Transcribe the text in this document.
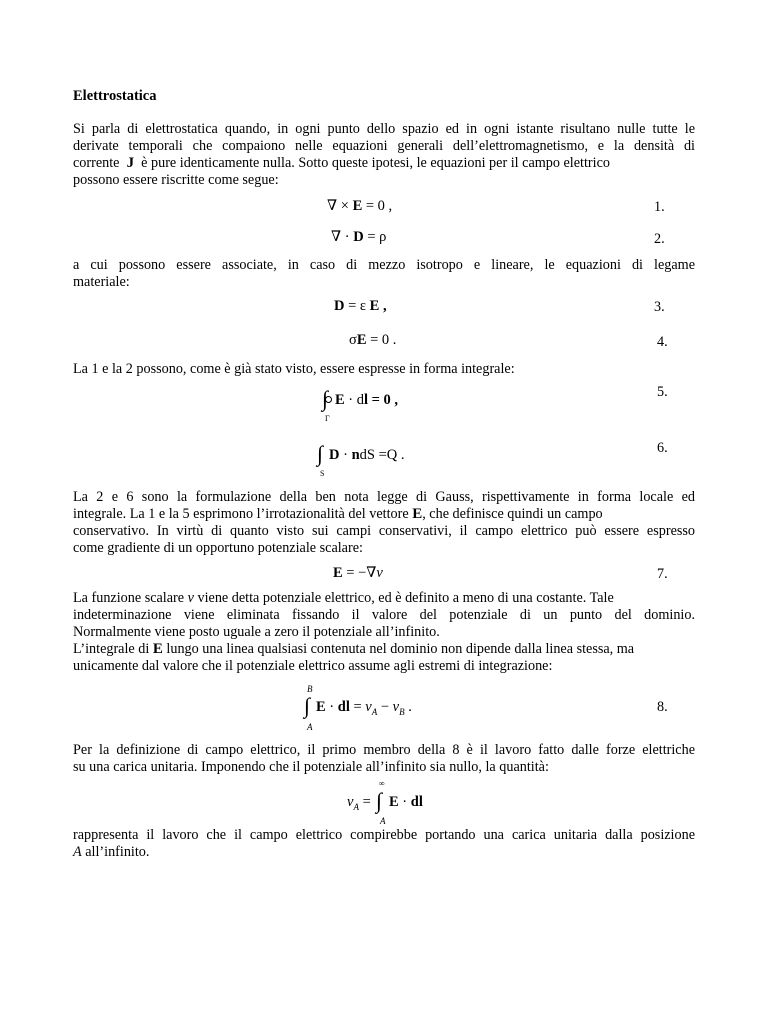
Elettrostatica
Si parla di elettrostatica quando, in ogni punto dello spazio ed in ogni istante risultano nulle tutte le
derivate temporali che compaiono nelle equazioni generali dell’elettromagnetismo, e la densità di
corrente J è pure identicamente nulla. Sotto queste ipotesi, le equazioni per il campo elettrico
possono essere riscritte come segue:
∇ × E = 0 ,	1.
∇ · D = ρ	2.
a cui possono essere associate, in caso di mezzo isotropo e lineare, le equazioni di legame
materiale:
D = ε E ,	3.
σE = 0 .	4.
La 1 e la 2 possono, come è già stato visto, essere espresse in forma integrale:
∫
Γ
E · dl = 0 ,	5.
∫
S
D · ndS =Q .	6.
La 2 e 6 sono la formulazione della ben nota legge di Gauss, rispettivamente in forma locale ed
integrale. La 1 e la 5 esprimono l’irrotazionalità del vettore E, che definisce quindi un campo
conservativo. In virtù di quanto visto sui campi conservativi, il campo elettrico può essere espresso
come gradiente di un opportuno potenziale scalare:
E = −∇v	7.
La funzione scalare v viene detta potenziale elettrico, ed è definito a meno di una costante. Tale
indeterminazione viene eliminata fissando il valore del potenziale di un punto del dominio.
Normalmente viene posto uguale a zero il potenziale all’infinito.
L’integrale di E lungo una linea qualsiasi contenuta nel dominio non dipende dalla linea stessa, ma
unicamente dal valore che il potenziale elettrico assume agli estremi di integrazione:
B
∫
A
E · dl = $v_A - v_B$ .	8.
Per la definizione di campo elettrico, il primo membro della 8 è il lavoro fatto dalle forze elettriche
su una carica unitaria. Imponendo che il potenziale all’infinito sia nullo, la quantità:
$v_A$ =
∞
∫
A
E · dl
rappresenta il lavoro che il campo elettrico compirebbe portando una carica unitaria dalla posizione
A all’infinito.
